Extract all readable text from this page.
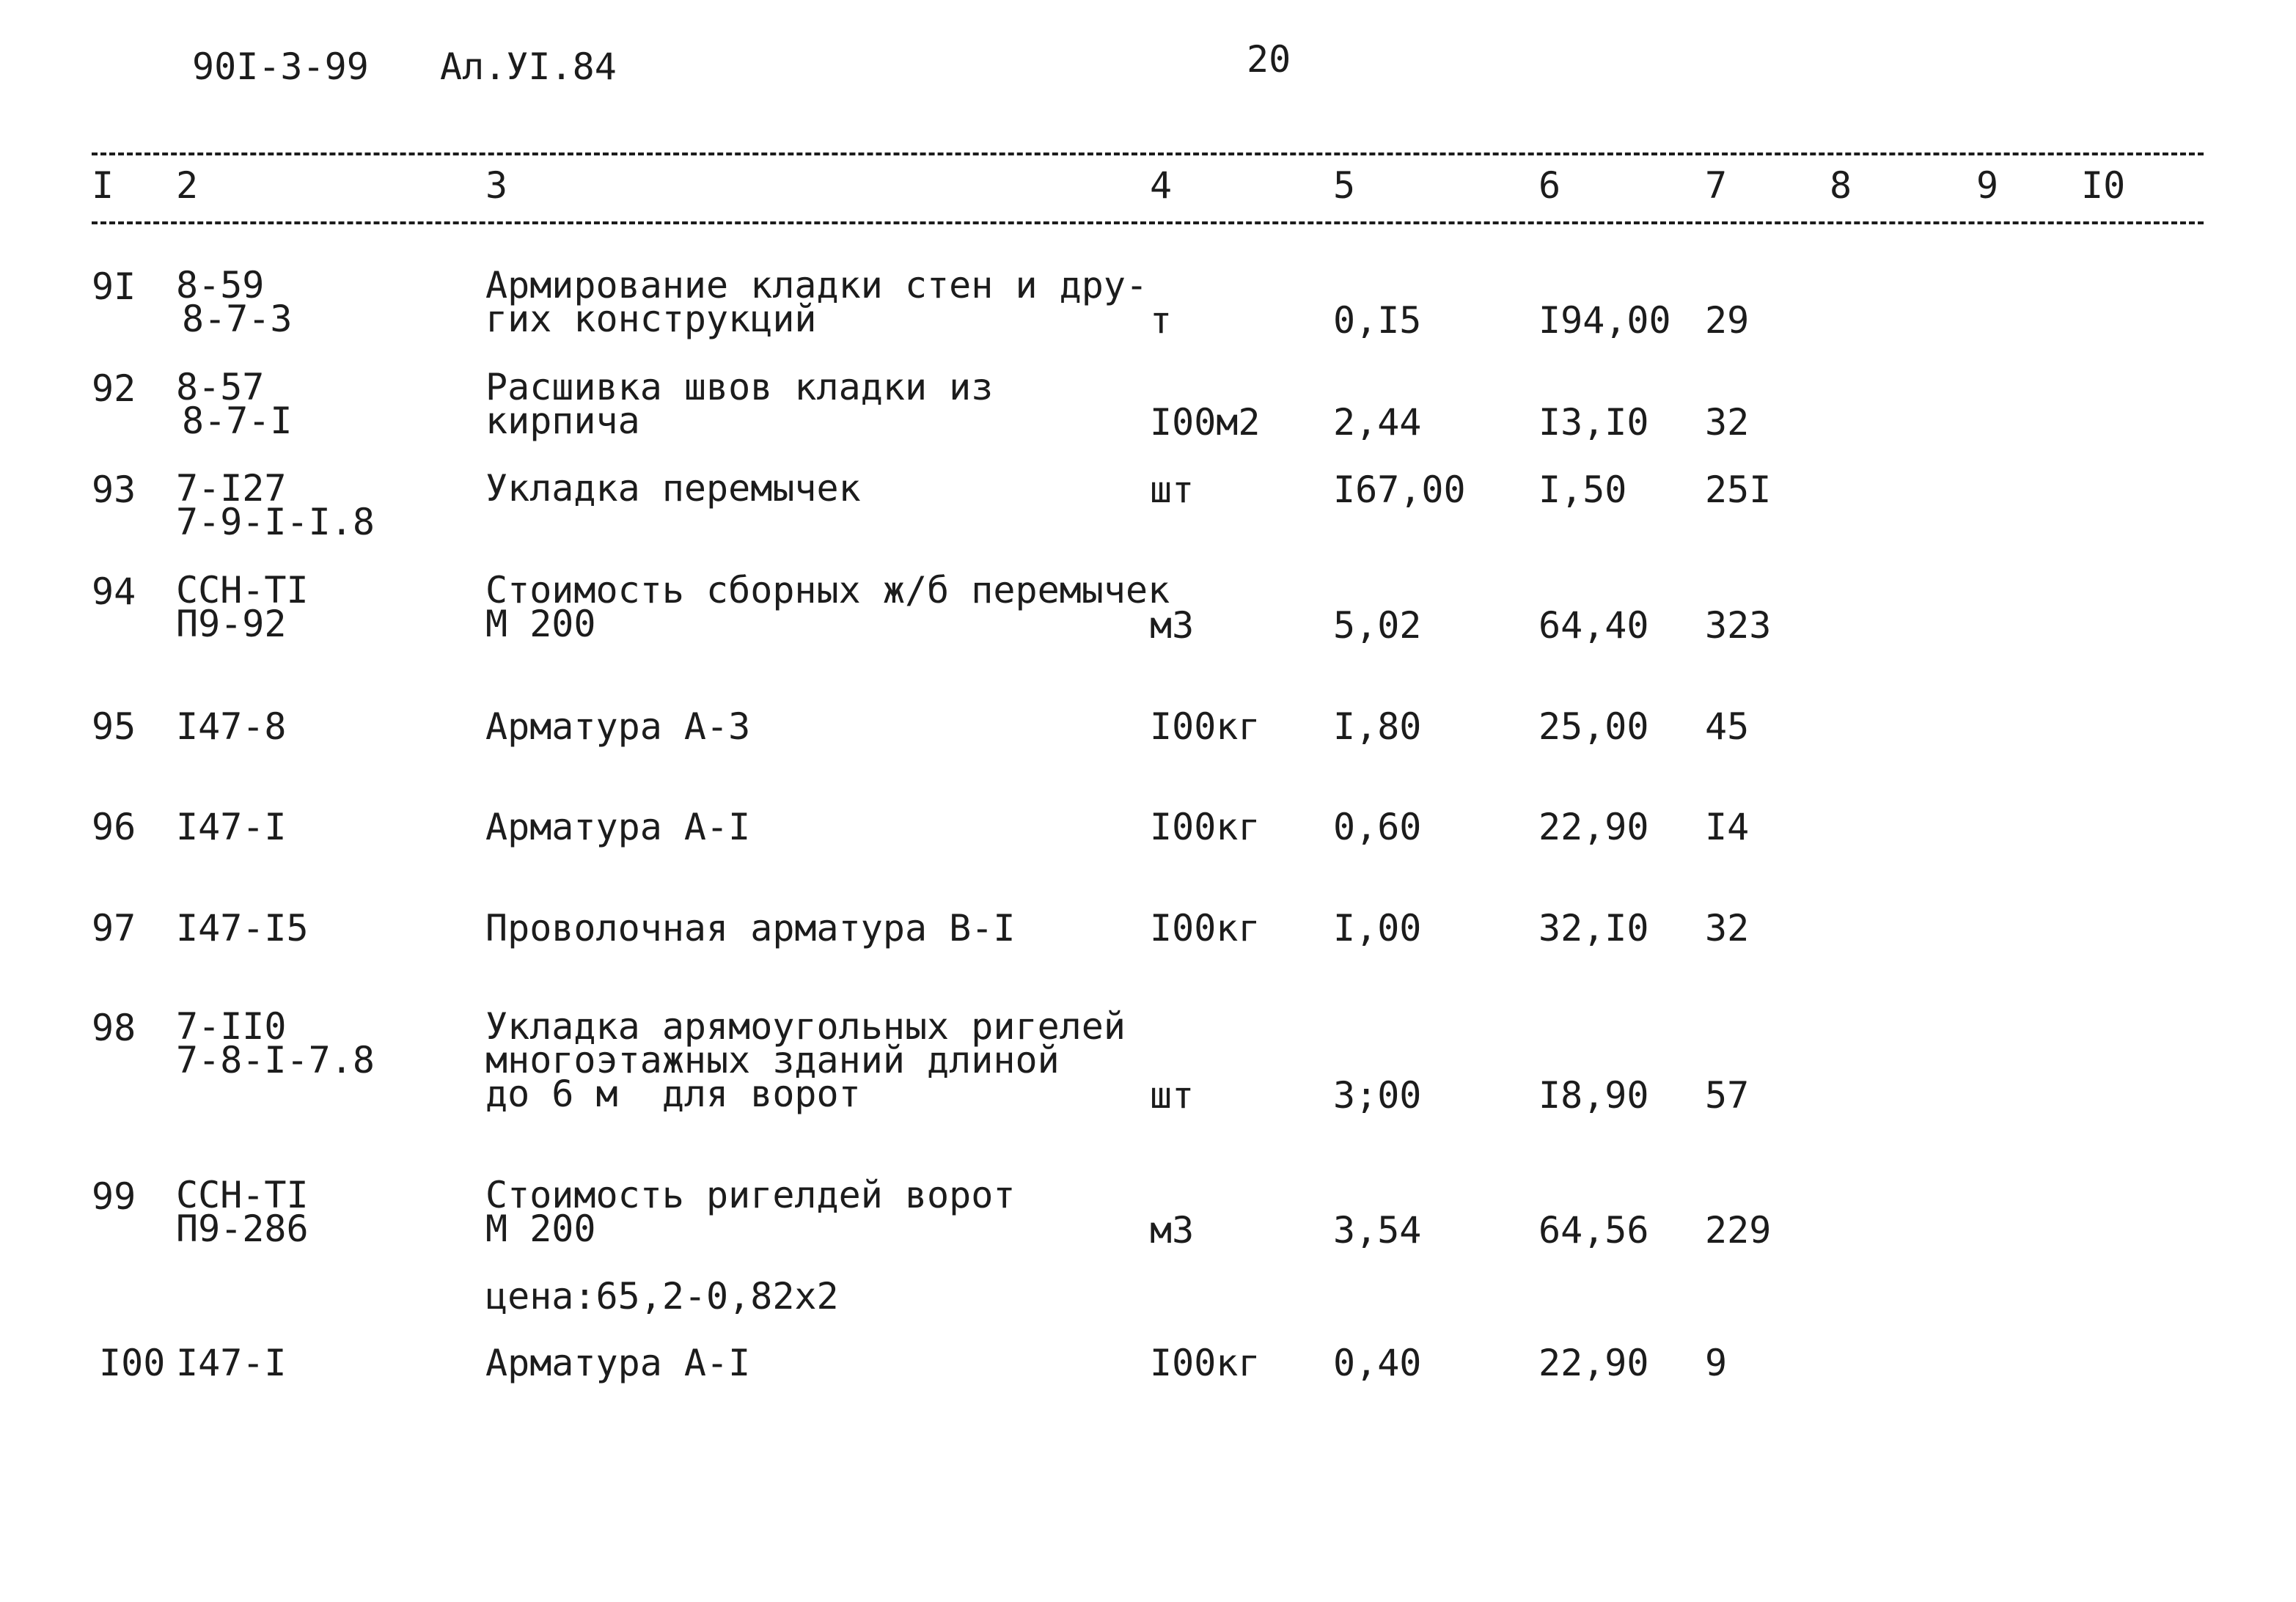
90I-3-99 Ал.УI.84	20
I 2	3	4	5	6	7	8	9 I0
9I 8-59
8-7-3
Армирование кладки стен и дру-
гих конструкций	т	0,I5	I94,00 29
92 8-57
8-7-I
Расшивка швов кладки из
кирпича	I00м2 2,44	I3,I0 32
93 7-I27
7-9-I-I.8
Укладка перемычек	шт	I67,00 I,50 25I
94 ССН-ТI
П9-92
Стоимость сборных ж/б перемычек
М 200	м3	5,02	64,40 323
95 I47-8	Арматура А-3	I00кг I,80	25,00 45
96 I47-I	Арматура А-I	I00кг 0,60	22,90 I4
97 I47-I5	Проволочная арматура В-I	I00кг I,00	32,I0 32
98 7-II0
7-8-I-7.8
Укладка арямоугольных ригелей
многоэтажных зданий длиной
до 6 м  для ворот	шт	3;00	I8,90 57
99 ССН-ТI
П9-286
Стоимость ригелдей ворот
М 200	м3	3,54	64,56 229
цена:65,2-0,82х2
I00 I47-I	Арматура А-I	I00кг 0,40	22,90 9
